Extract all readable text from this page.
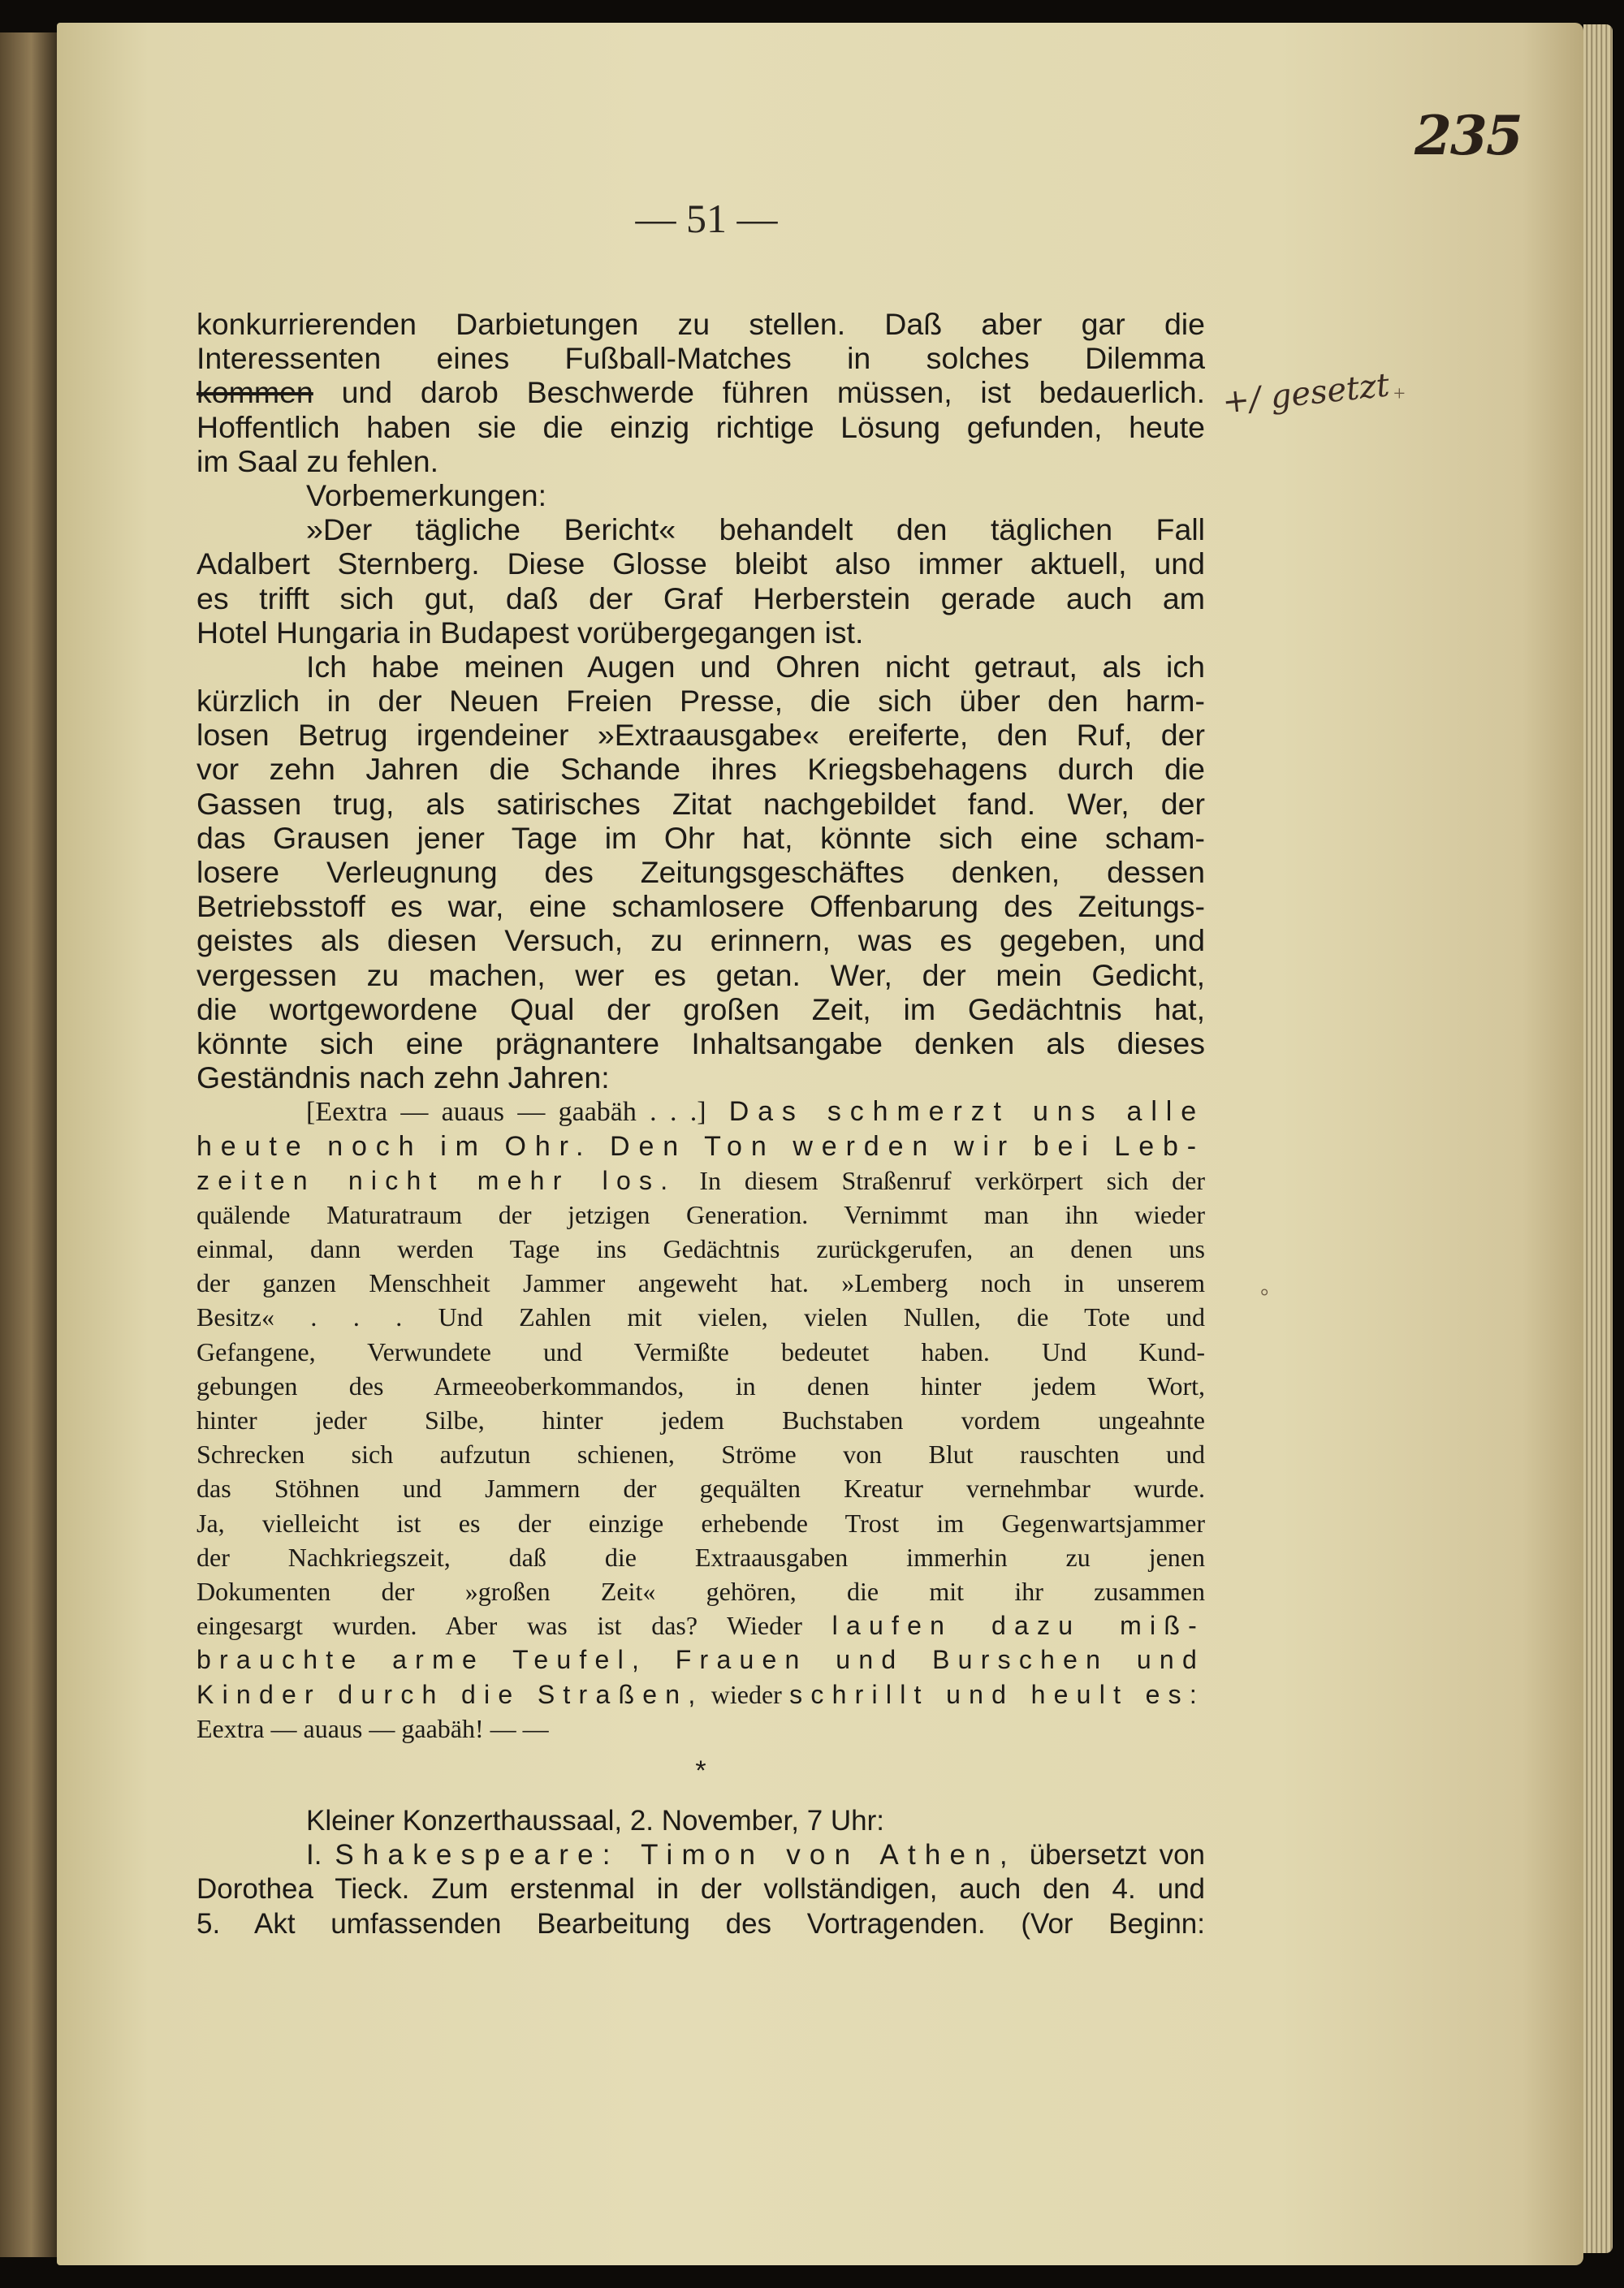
235
— 51 —
+/ gesetzt +
°
konkurrierenden Darbietungen zu stellen. Daß aber gar die
Interessenten eines Fußball-Matches in solches Dilemma
kommen und darob Beschwerde führen müssen, ist bedauerlich.
Hoffentlich haben sie die einzig richtige Lösung gefunden, heute
im Saal zu fehlen.
Vorbemerkungen:
»Der tägliche Bericht« behandelt den täglichen Fall
Adalbert Sternberg. Diese Glosse bleibt also immer aktuell, und
es trifft sich gut, daß der Graf Herberstein gerade auch am
Hotel Hungaria in Budapest vorübergegangen ist.
Ich habe meinen Augen und Ohren nicht getraut, als ich
kürzlich in der Neuen Freien Presse, die sich über den harm-
losen Betrug irgendeiner »Extraausgabe« ereiferte, den Ruf, der
vor zehn Jahren die Schande ihres Kriegsbehagens durch die
Gassen trug, als satirisches Zitat nachgebildet fand. Wer, der
das Grausen jener Tage im Ohr hat, könnte sich eine scham-
losere Verleugnung des Zeitungsgeschäftes denken, dessen
Betriebsstoff es war, eine schamlosere Offenbarung des Zeitungs-
geistes als diesen Versuch, zu erinnern, was es gegeben, und
vergessen zu machen, wer es getan. Wer, der mein Gedicht,
die wortgewordene Qual der großen Zeit, im Gedächtnis hat,
könnte sich eine prägnantere Inhaltsangabe denken als dieses
Geständnis nach zehn Jahren:
[Eextra — auaus — gaabäh . . .] Das schmerzt uns alle
heute noch im Ohr. Den Ton werden wir bei Leb-
zeiten nicht mehr los. In diesem Straßenruf verkörpert sich der
quälende Maturatraum der jetzigen Generation. Vernimmt man ihn wieder
einmal, dann werden Tage ins Gedächtnis zurückgerufen, an denen uns
der ganzen Menschheit Jammer angeweht hat. »Lemberg noch in unserem
Besitz« . . . Und Zahlen mit vielen, vielen Nullen, die Tote und
Gefangene, Verwundete und Vermißte bedeutet haben. Und Kund-
gebungen des Armeeoberkommandos, in denen hinter jedem Wort,
hinter jeder Silbe, hinter jedem Buchstaben vordem ungeahnte
Schrecken sich aufzutun schienen, Ströme von Blut rauschten und
das Stöhnen und Jammern der gequälten Kreatur vernehmbar wurde.
Ja, vielleicht ist es der einzige erhebende Trost im Gegenwartsjammer
der Nachkriegszeit, daß die Extraausgaben immerhin zu jenen
Dokumenten der »großen Zeit« gehören, die mit ihr zusammen
eingesargt wurden. Aber was ist das? Wieder laufen dazu miß-
brauchte arme Teufel, Frauen und Burschen und
Kinder durch die Straßen, wieder schrillt und heult es:
Eextra — auaus — gaabäh! — —
*
Kleiner Konzerthaussaal, 2. November, 7 Uhr:
I. Shakespeare: Timon von Athen, übersetzt von
Dorothea Tieck. Zum erstenmal in der vollständigen, auch den 4. und
5. Akt umfassenden Bearbeitung des Vortragenden. (Vor Beginn:
